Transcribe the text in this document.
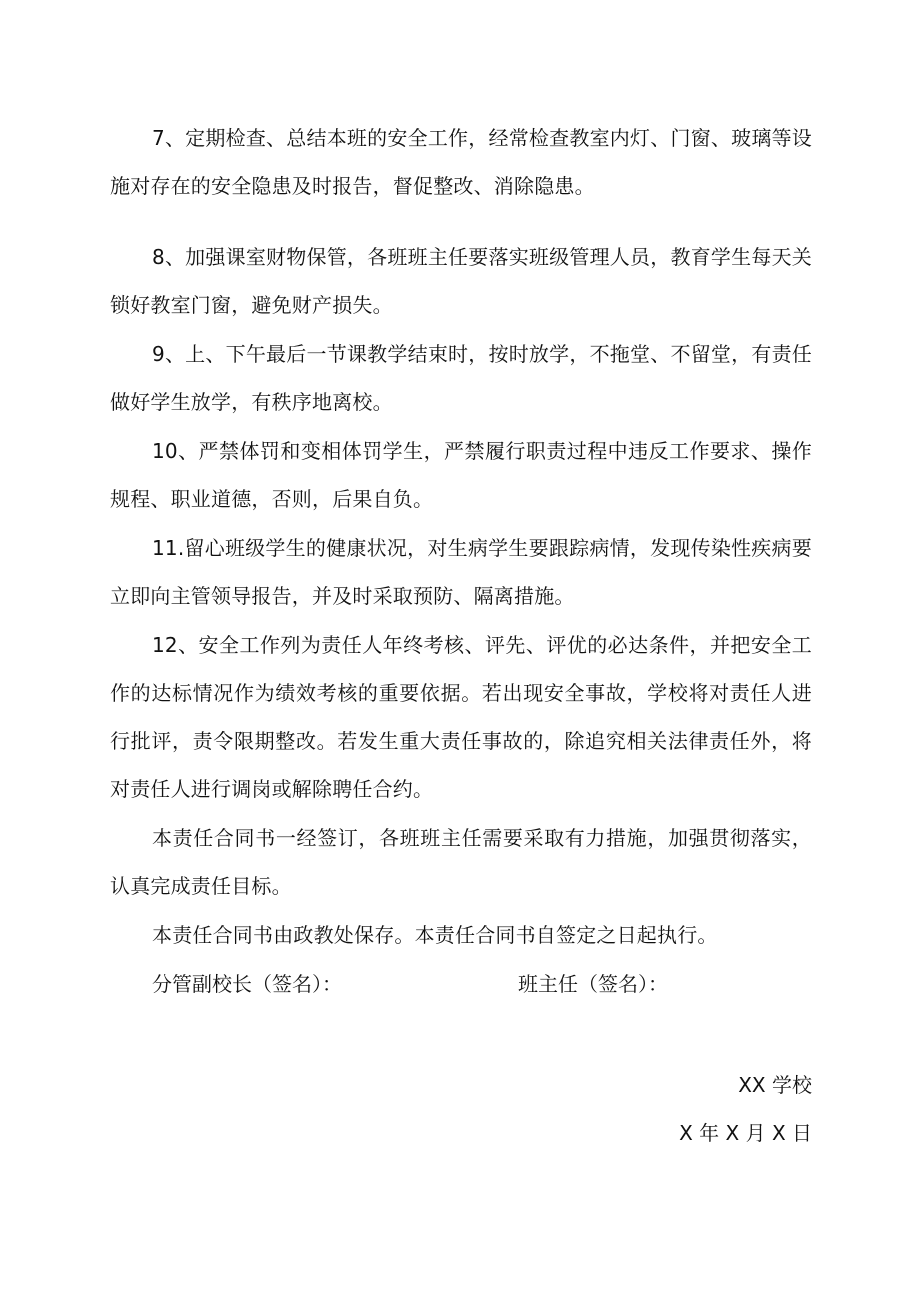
7、定期检查、总结本班的安全工作，经常检查教室内灯、门窗、玻璃等设施对存在的安全隐患及时报告，督促整改、消除隐患。

8、加强课室财物保管，各班班主任要落实班级管理人员，教育学生每天关锁好教室门窗，避免财产损失。

9、上、下午最后一节课教学结束时，按时放学，不拖堂、不留堂，有责任做好学生放学，有秩序地离校。

10、严禁体罚和变相体罚学生，严禁履行职责过程中违反工作要求、操作规程、职业道德，否则，后果自负。

11.留心班级学生的健康状况，对生病学生要跟踪病情，发现传染性疾病要立即向主管领导报告，并及时采取预防、隔离措施。

12、安全工作列为责任人年终考核、评先、评优的必达条件，并把安全工作的达标情况作为绩效考核的重要依据。若出现安全事故，学校将对责任人进行批评，责令限期整改。若发生重大责任事故的，除追究相关法律责任外，将对责任人进行调岗或解除聘任合约。

本责任合同书一经签订，各班班主任需要采取有力措施，加强贯彻落实，认真完成责任目标。

本责任合同书由政教处保存。本责任合同书自签定之日起执行。

分管副校长（签名）：	班主任（签名）：
XX 学校
X 年 X 月 X 日
